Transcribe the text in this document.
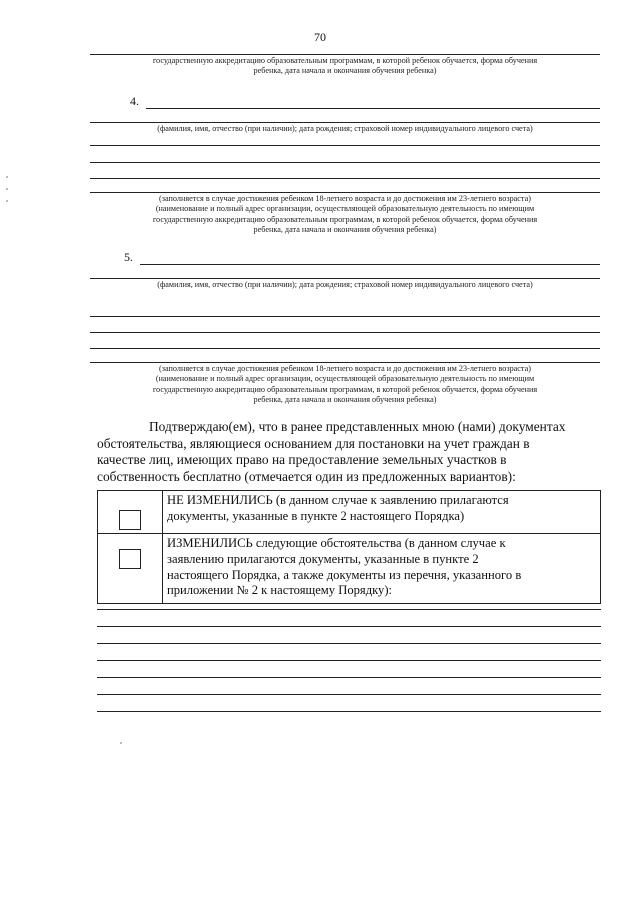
70
государственную аккредитацию образовательным программам, в которой ребенок обучается, форма обучения
ребенка, дата начала и окончания обучения ребенка)
4.
(фамилия, имя, отчество (при наличии); дата рождения; страховой номер индивидуального лицевого счета)
(заполняется в случае достижения ребенком 18-летнего возраста и до достижения им 23-летнего возраста)
(наименование и полный адрес организации, осуществляющей образовательную деятельность по имеющим
государственную аккредитацию образовательным программам, в которой ребенок обучается, форма обучения
ребенка, дата начала и окончания обучения ребенка)
5.
(фамилия, имя, отчество (при наличии); дата рождения; страховой номер индивидуального лицевого счета)
(заполняется в случае достижения ребенком 18-летнего возраста и до достижения им 23-летнего возраста)
(наименование и полный адрес организации, осуществляющей образовательную деятельность по имеющим
государственную аккредитацию образовательным программам, в которой ребенок обучается, форма обучения
ребенка, дата начала и окончания обучения ребенка)
Подтверждаю(ем), что в ранее представленных мною (нами) документах
обстоятельства, являющиеся основанием для постановки на учет граждан в
качестве лиц, имеющих право на предоставление земельных участков в
собственность бесплатно (отмечается один из предложенных вариантов):

	НЕ ИЗМЕНИЛИСЬ (в данном случае к заявлению прилагаются
документы, указанные в пункте 2 настоящего Порядка)

	ИЗМЕНИЛИСЬ следующие обстоятельства (в данном случае к
заявлению прилагаются документы, указанные в пункте 2
настоящего Порядка, а также документы из перечня, указанного в
приложении № 2 к настоящему Порядку):
